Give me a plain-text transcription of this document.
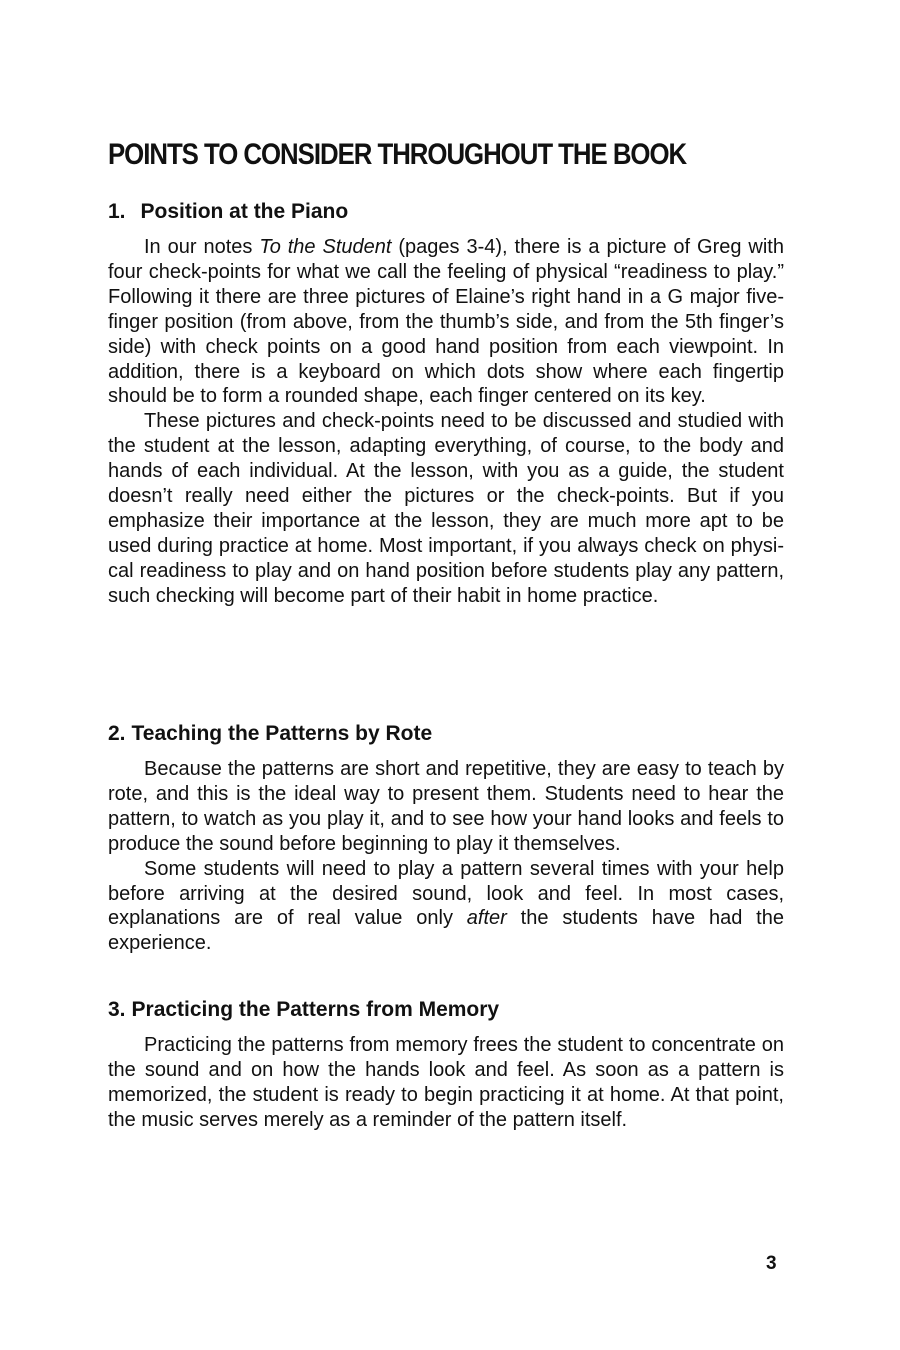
POINTS TO CONSIDER THROUGHOUT THE BOOK
1. Position at the Piano

In our notes To the Student (pages 3-4), there is a picture of Greg with four check-points for what we call the feeling of physical “readiness to play.” Following it there are three pictures of Elaine’s right hand in a G major five-finger position (from above, from the thumb’s side, and from the 5th finger’s side) with check points on a good hand position from each viewpoint. In addition, there is a keyboard on which dots show where each fingertip should be to form a rounded shape, each finger centered on its key.

These pictures and check-points need to be discussed and studied with the student at the lesson, adapting everything, of course, to the body and hands of each individual. At the lesson, with you as a guide, the student doesn’t really need either the pictures or the check-points. But if you emphasize their importance at the lesson, they are much more apt to be used during practice at home. Most important, if you always check on physical readiness to play and on hand position before students play any pattern, such checking will become part of their habit in home practice.

2. Teaching the Patterns by Rote

Because the patterns are short and repetitive, they are easy to teach by rote, and this is the ideal way to present them. Students need to hear the pattern, to watch as you play it, and to see how your hand looks and feels to produce the sound before beginning to play it themselves.

Some students will need to play a pattern several times with your help before arriving at the desired sound, look and feel. In most cases, explanations are of real value only after the students have had the experience.

3. Practicing the Patterns from Memory

Practicing the patterns from memory frees the student to concentrate on the sound and on how the hands look and feel. As soon as a pattern is memorized, the student is ready to begin practicing it at home. At that point, the music serves merely as a reminder of the pattern itself.

3
